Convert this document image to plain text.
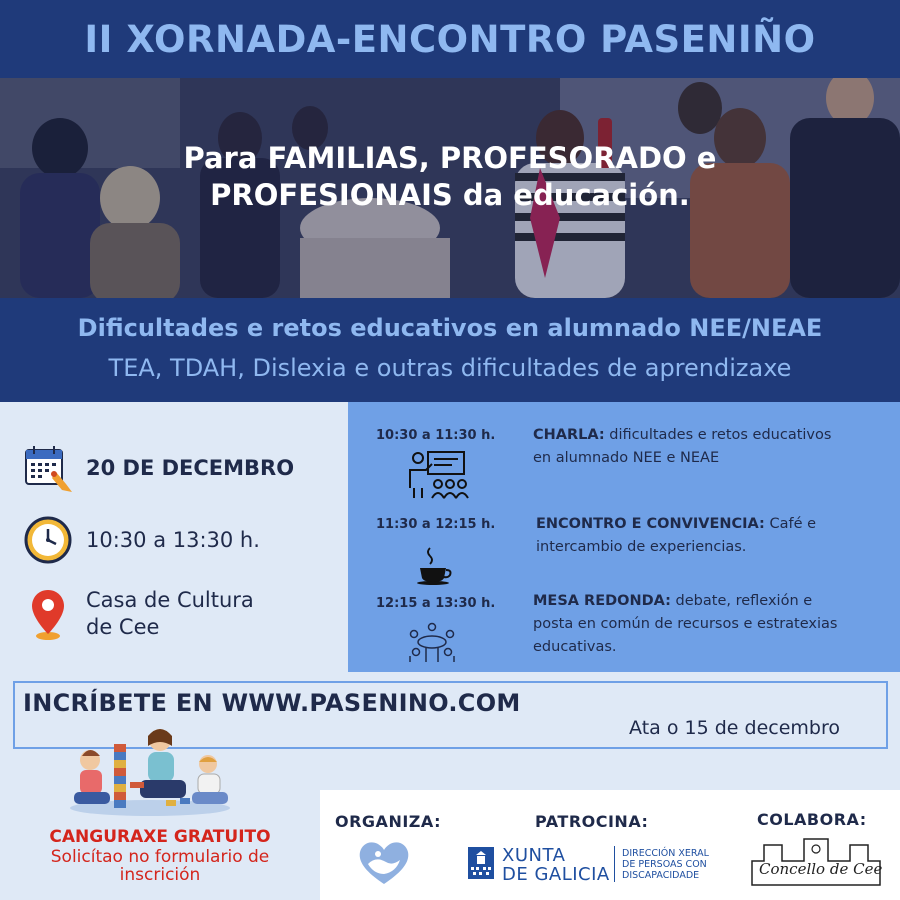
II XORNADA-ENCONTRO PASENIÑO
Para FAMILIAS, PROFESORADO e
PROFESIONAIS da educación.
Dificultades e retos educativos en alumnado NEE/NEAE
TEA, TDAH, Dislexia e outras dificultades de aprendizaxe
20 DE DECEMBRO
10:30 a 13:30 h.
Casa de Cultura
de Cee
10:30 a 11:30 h.	CHARLA: dificultades e retos educativos
en alumnado NEE e NEAE
11:30 a 12:15 h.	ENCONTRO E CONVIVENCIA: Café e
intercambio de experiencias.
12:15 a 13:30 h.	MESA REDONDA: debate, reflexión e
posta en común de recursos e estratexias
educativas.
INCRÍBETE EN WWW.PASENINO.COM
Ata o 15 de decembro
CANGURAXE GRATUITO
Solicítao no formulario de
inscrición
ORGANIZA:	PATROCINA:	COLABORA:
XUNTA
DE GALICIA
DIRECCIÓN XERAL
DE PERSOAS CON
DISCAPACIDADE	Concello de Cee
